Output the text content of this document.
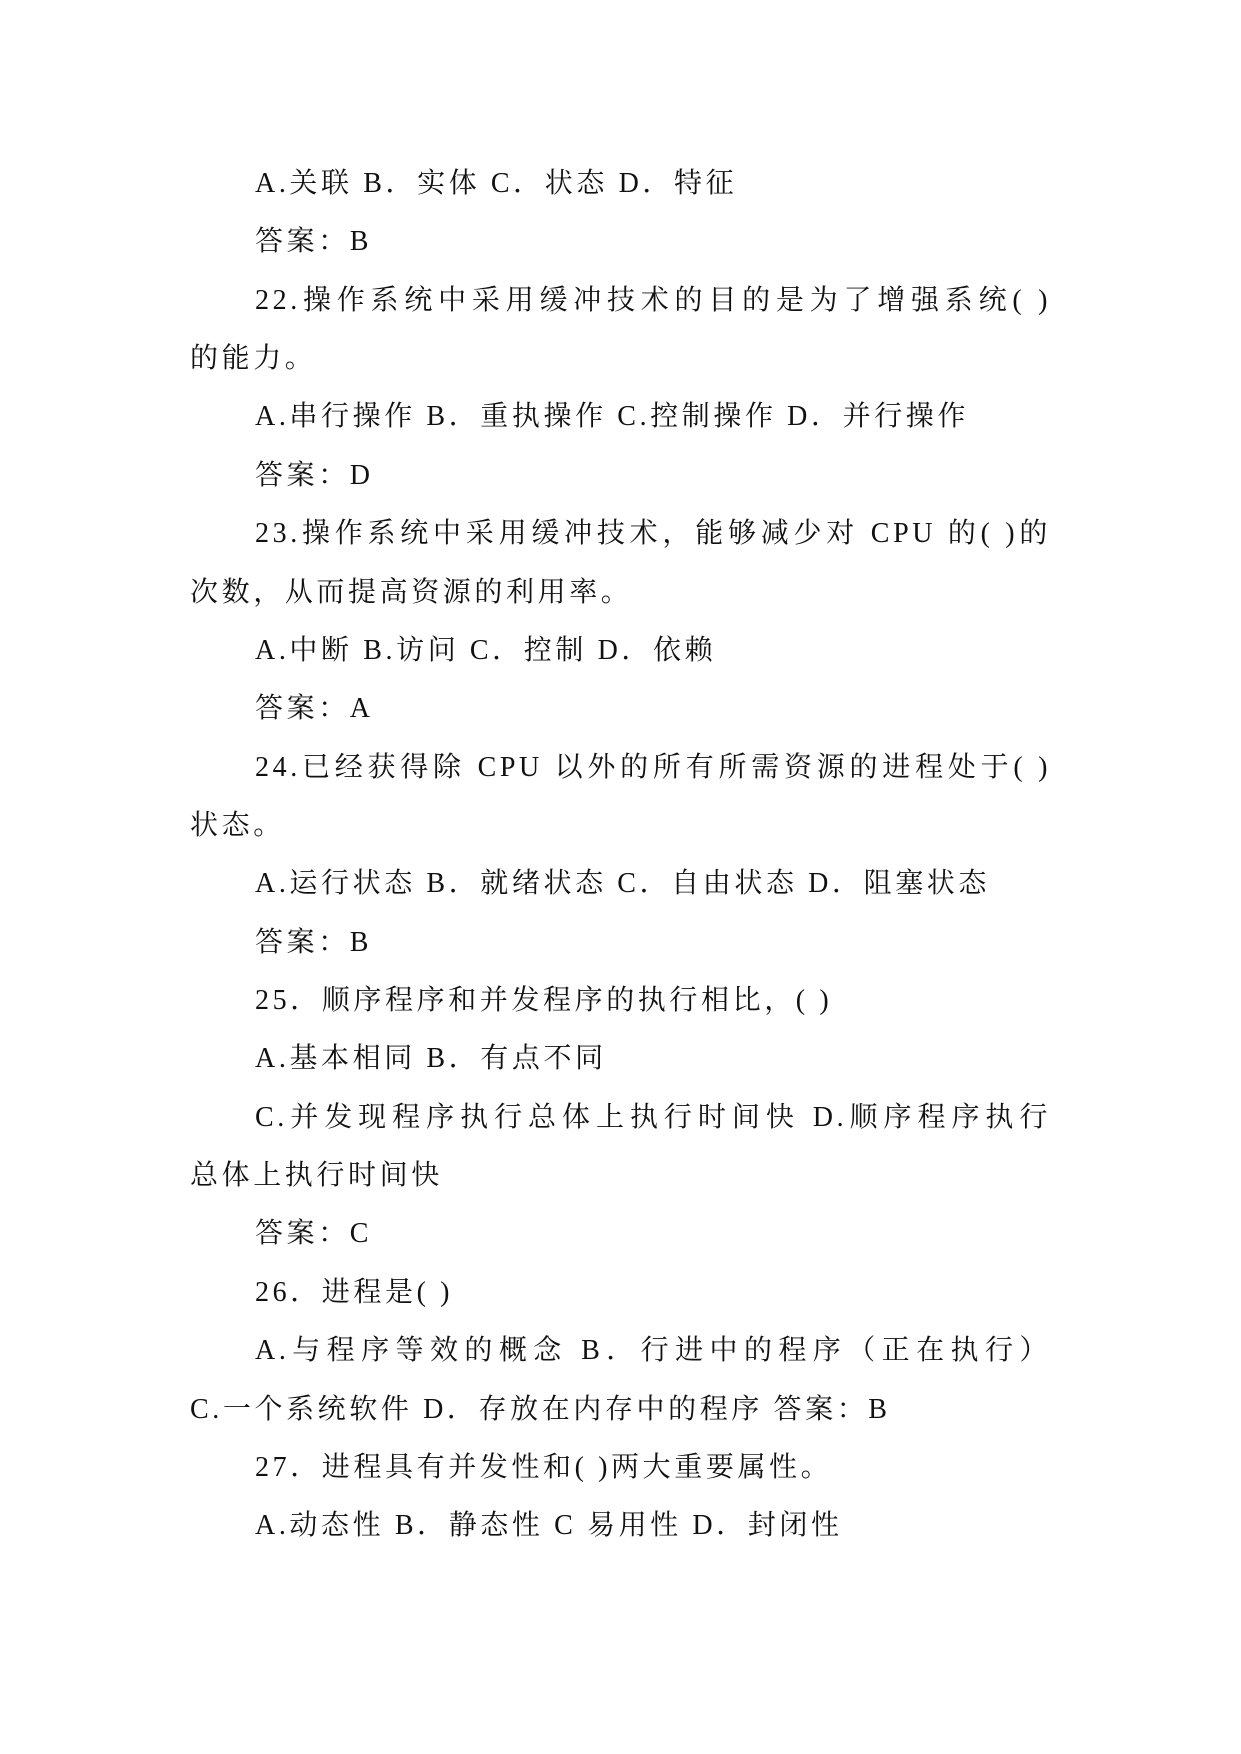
A.关联 B．实体 C．状态 D．特征
答案：B
22.操作系统中采用缓冲技术的目的是为了增强系统( )
的能力。
A.串行操作 B．重执操作 C.控制操作 D．并行操作
答案：D
23.操作系统中采用缓冲技术，能够减少对 CPU 的( )的
次数，从而提高资源的利用率。
A.中断 B.访问 C．控制 D．依赖
答案：A
24.已经获得除 CPU 以外的所有所需资源的进程处于( )
状态。
A.运行状态 B．就绪状态 C．自由状态 D．阻塞状态
答案：B
25．顺序程序和并发程序的执行相比，( )
A.基本相同 B．有点不同
C.并发现程序执行总体上执行时间快 D.顺序程序执行
总体上执行时间快
答案：C
26．进程是( )
A.与程序等效的概念 B．行进中的程序（正在执行）
C.一个系统软件 D．存放在内存中的程序 答案：B
27．进程具有并发性和( )两大重要属性。
A.动态性 B．静态性 C 易用性 D．封闭性
